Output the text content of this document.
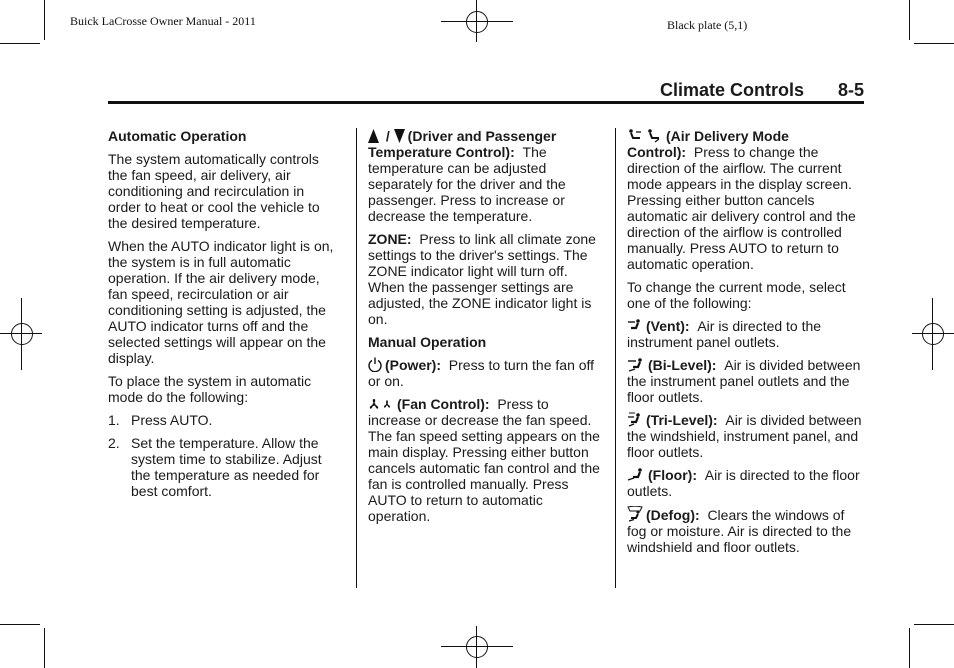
Buick LaCrosse Owner Manual - 2011	Black plate (5,1)
Climate Controls 8-5

Automatic Operation

The system automatically controls the fan speed, air delivery, air conditioning and recirculation in order to heat or cool the vehicle to the desired temperature.

When the AUTO indicator light is on, the system is in full automatic operation. If the air delivery mode, fan speed, recirculation or air conditioning setting is adjusted, the AUTO indicator turns off and the selected settings will appear on the display.

To place the system in automatic mode do the following:

1. Press AUTO.
2. Set the temperature. Allow the system time to stabilize. Adjust the temperature as needed for best comfort.

/ (Driver and Passenger Temperature Control): The temperature can be adjusted separately for the driver and the passenger. Press to increase or decrease the temperature.

ZONE: Press to link all climate zone settings to the driver's settings. The ZONE indicator light will turn off. When the passenger settings are adjusted, the ZONE indicator light is on.

Manual Operation

(Power): Press to turn the fan off or on.

(Fan Control): Press to increase or decrease the fan speed. The fan speed setting appears on the main display. Pressing either button cancels automatic fan control and the fan is controlled manually. Press AUTO to return to automatic operation.

(Air Delivery Mode Control): Press to change the direction of the airflow. The current mode appears in the display screen. Pressing either button cancels automatic air delivery control and the direction of the airflow is controlled manually. Press AUTO to return to automatic operation.

To change the current mode, select one of the following:

(Vent): Air is directed to the instrument panel outlets.

(Bi-Level): Air is divided between the instrument panel outlets and the floor outlets.

(Tri-Level): Air is divided between the windshield, instrument panel, and floor outlets.

(Floor): Air is directed to the floor outlets.

(Defog): Clears the windows of fog or moisture. Air is directed to the windshield and floor outlets.
